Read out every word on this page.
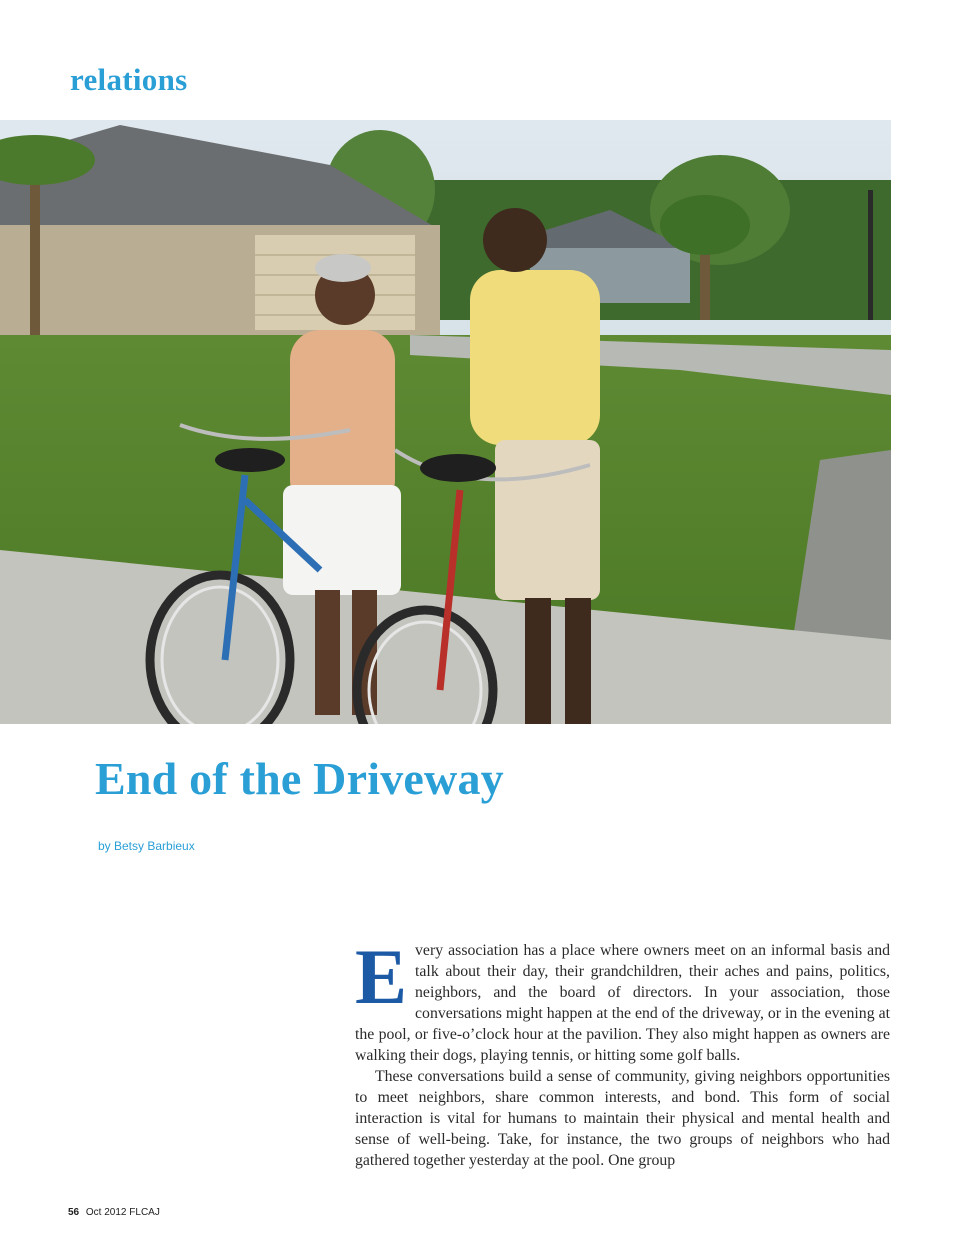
relations
End of the Driveway
by Betsy Barbieux

Every association has a place where owners meet on an informal basis and talk about their day, their grandchildren, their aches and pains, politics, neighbors, and the board of directors. In your association, those conversations might happen at the end of the driveway, or in the evening at the pool, or five-o’clock hour at the pavilion. They also might happen as owners are walking their dogs, playing tennis, or hitting some golf balls.

These conversations build a sense of community, giving neighbors opportunities to meet neighbors, share common interests, and bond. This form of social interaction is vital for humans to maintain their physical and mental health and sense of well-being. Take, for instance, the two groups of neighbors who had gathered together yesterday at the pool. One group

56 Oct 2012 FLCAJ
